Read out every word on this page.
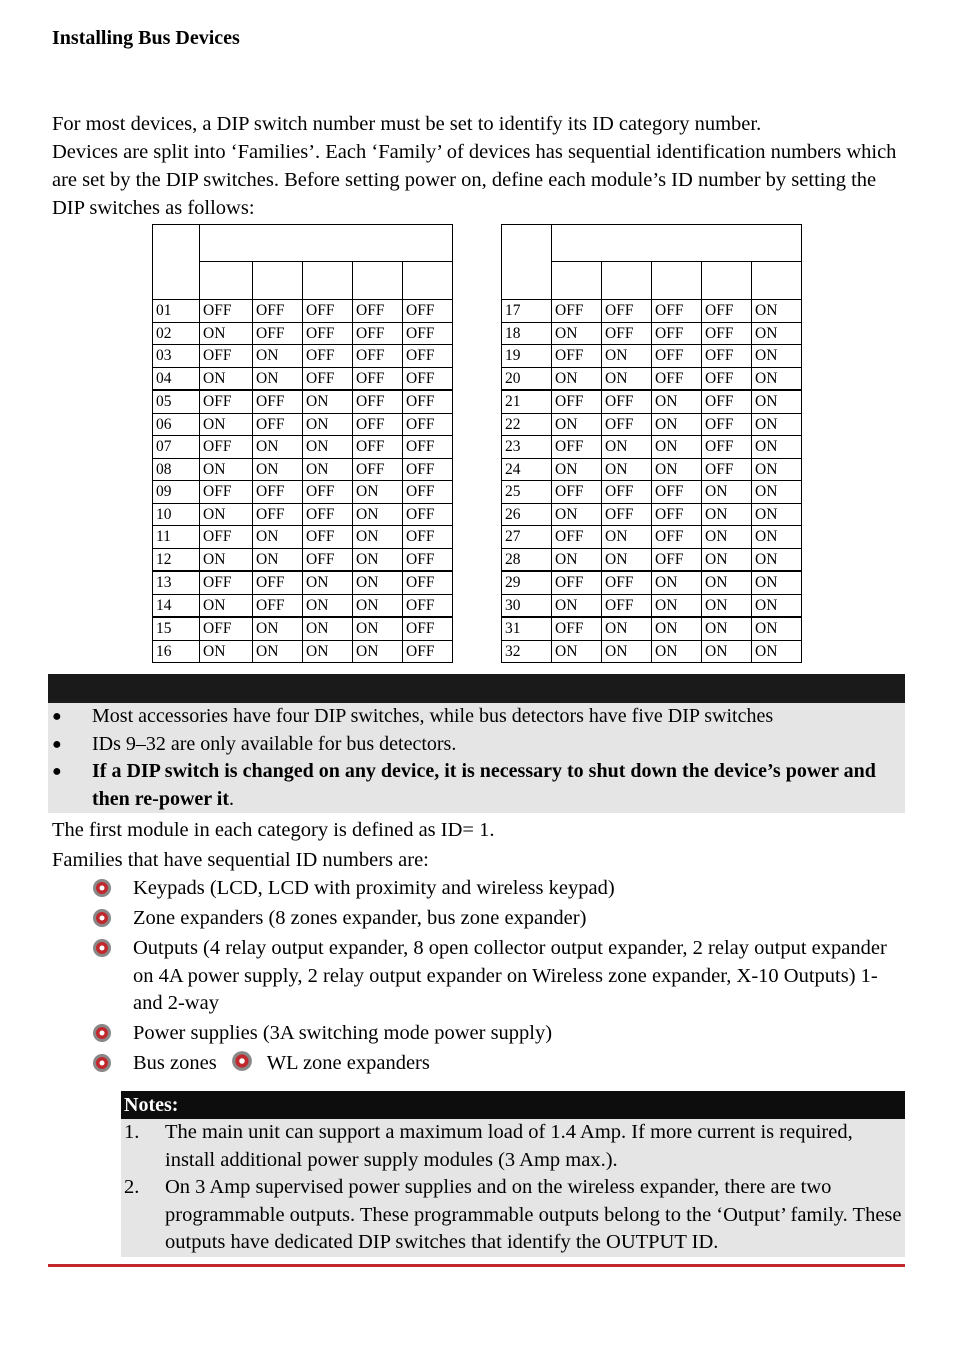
Installing Bus Devices

For most devices, a DIP switch number must be set to identify its ID category number.

Devices are split into ‘Families’. Each ‘Family’ of devices has sequential identification numbers which are set by the DIP switches. Before setting power on, define each module’s ID number by setting the DIP switches as follows:

01	OFF	OFF	OFF	OFF	OFF
02	ON	OFF	OFF	OFF	OFF
03	OFF	ON	OFF	OFF	OFF
04	ON	ON	OFF	OFF	OFF
05	OFF	OFF	ON	OFF	OFF
06	ON	OFF	ON	OFF	OFF
07	OFF	ON	ON	OFF	OFF
08	ON	ON	ON	OFF	OFF
09	OFF	OFF	OFF	ON	OFF
10	ON	OFF	OFF	ON	OFF
11	OFF	ON	OFF	ON	OFF
12	ON	ON	OFF	ON	OFF
13	OFF	OFF	ON	ON	OFF
14	ON	OFF	ON	ON	OFF
15	OFF	ON	ON	ON	OFF
16	ON	ON	ON	ON	OFF

17	OFF	OFF	OFF	OFF	ON
18	ON	OFF	OFF	OFF	ON
19	OFF	ON	OFF	OFF	ON
20	ON	ON	OFF	OFF	ON
21	OFF	OFF	ON	OFF	ON
22	ON	OFF	ON	OFF	ON
23	OFF	ON	ON	OFF	ON
24	ON	ON	ON	OFF	ON
25	OFF	OFF	OFF	ON	ON
26	ON	OFF	OFF	ON	ON
27	OFF	ON	OFF	ON	ON
28	ON	ON	OFF	ON	ON
29	OFF	OFF	ON	ON	ON
30	ON	OFF	ON	ON	ON
31	OFF	ON	ON	ON	ON
32	ON	ON	ON	ON	ON
● Most accessories have four DIP switches, while bus detectors have five DIP switches
● IDs 9–32 are only available for bus detectors.
● If a DIP switch is changed on any device, it is necessary to shut down the device’s power and then re-power it.
The first module in each category is defined as ID= 1.
Families that have sequential ID numbers are:
Keypads (LCD, LCD with proximity and wireless keypad)
Zone expanders (8 zones expander, bus zone expander)
Outputs (4 relay output expander, 8 open collector output expander, 2 relay output expander on 4A power supply, 2 relay output expander on Wireless zone expander, X-10 Outputs) 1- and 2-way
Power supplies (3A switching mode power supply)
Bus zones WL zone expanders
Notes:
1. The main unit can support a maximum load of 1.4 Amp. If more current is required, install additional power supply modules (3 Amp max.).
2. On 3 Amp supervised power supplies and on the wireless expander, there are two programmable outputs. These programmable outputs belong to the ‘Output’ family. These outputs have dedicated DIP switches that identify the OUTPUT ID.
